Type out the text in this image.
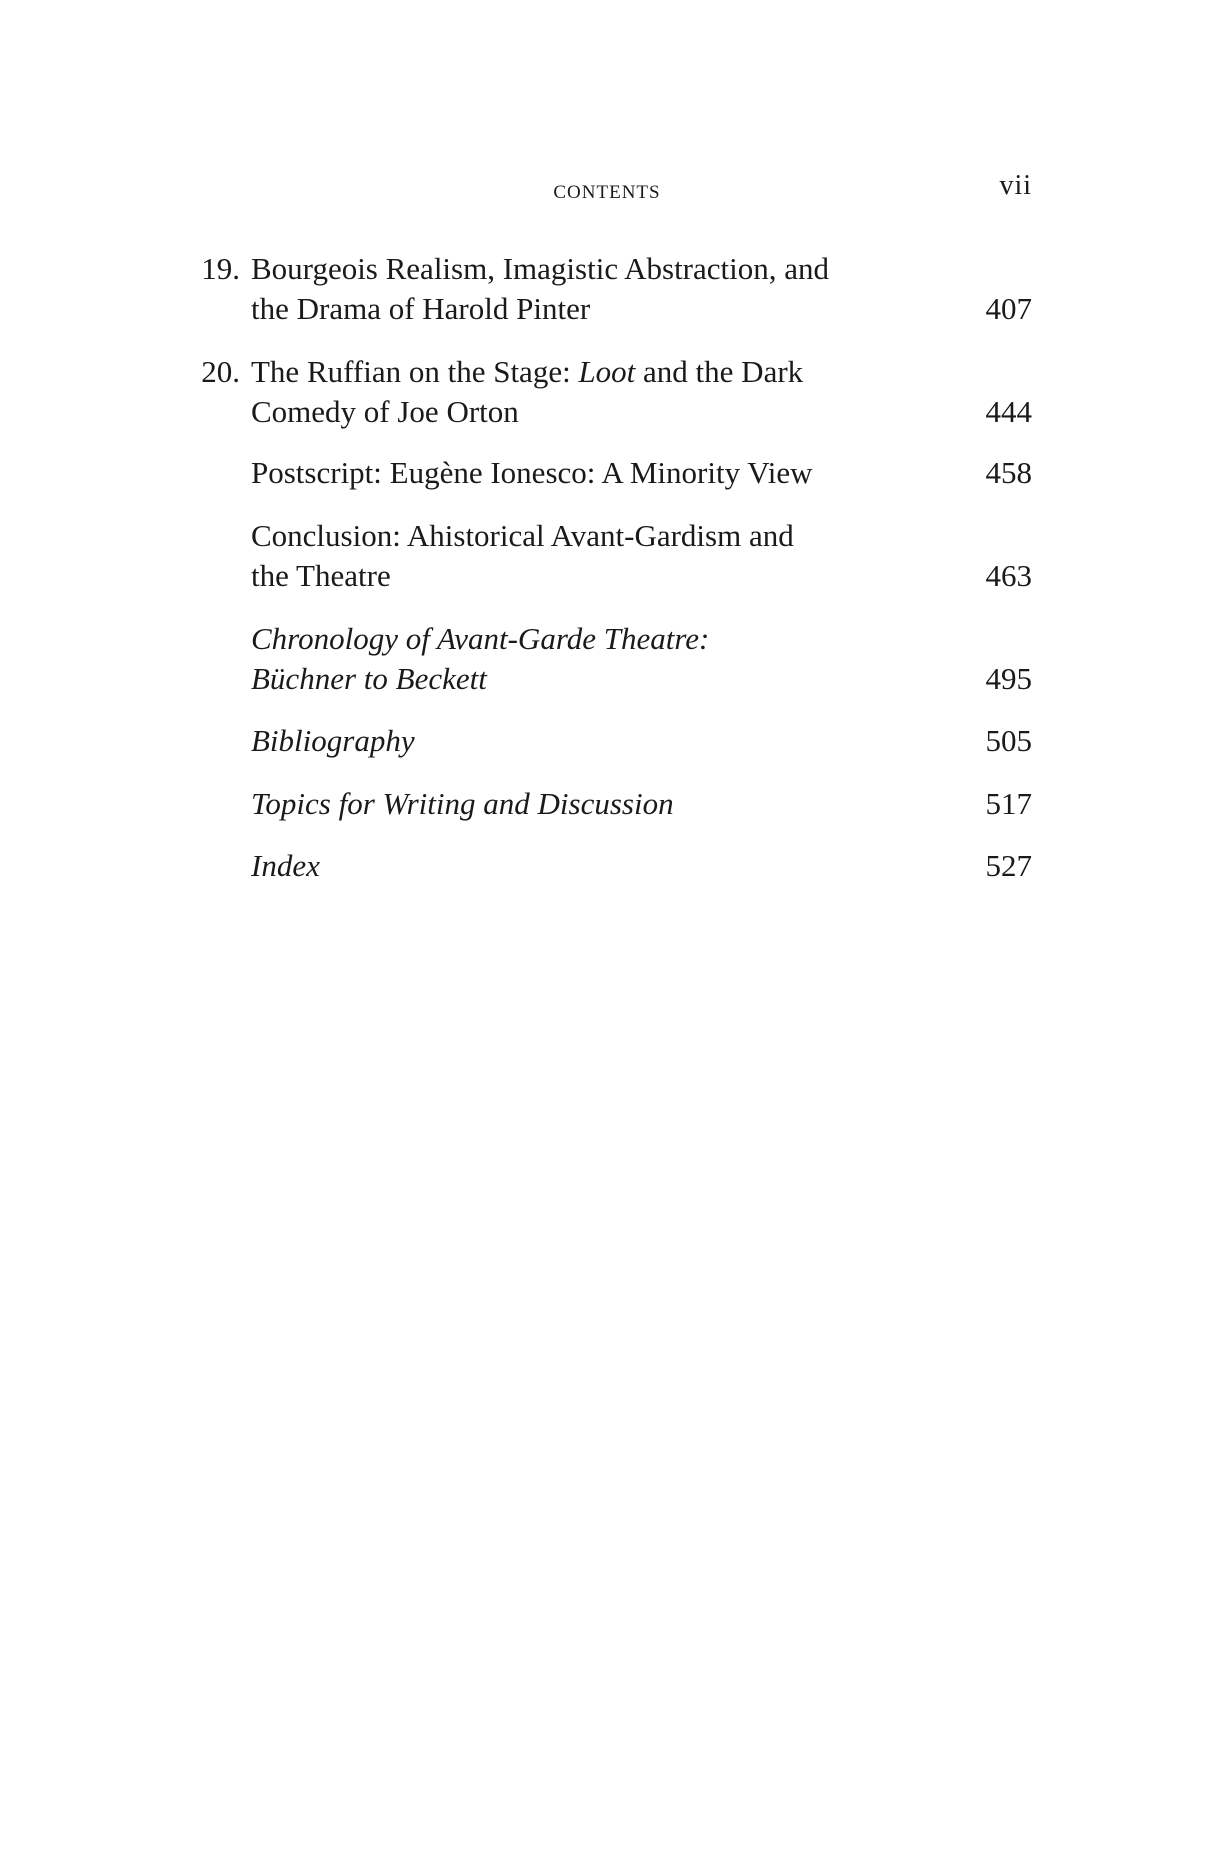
contents	vii
19. Bourgeois Realism, Imagistic Abstraction, and
the Drama of Harold Pinter	407
20. The Ruffian on the Stage: Loot and the Dark
Comedy of Joe Orton	444
Postscript: Eugène Ionesco: A Minority View	458
Conclusion: Ahistorical Avant-Gardism and
the Theatre	463
Chronology of Avant-Garde Theatre:
Büchner to Beckett	495
Bibliography	505
Topics for Writing and Discussion	517
Index	527
